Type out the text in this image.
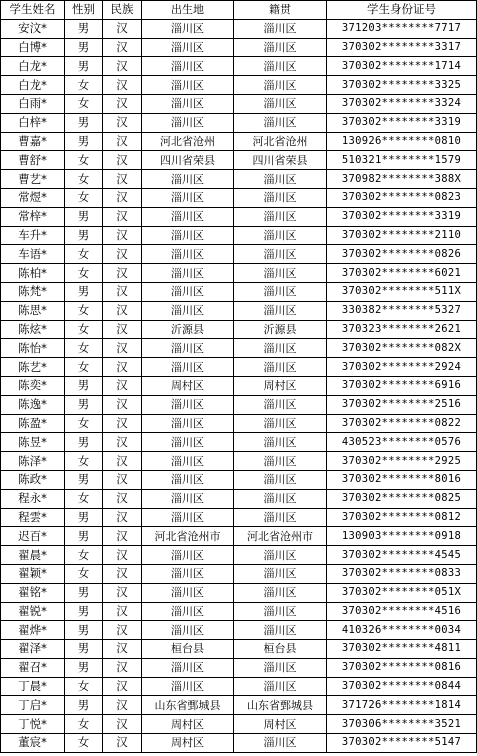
学生姓名	性别	民族	出生地	籍贯	学生身份证号
安汶*	男	汉	淄川区	淄川区	371203********7717
白博*	男	汉	淄川区	淄川区	370302********3317
白龙*	男	汉	淄川区	淄川区	370302********1714
白龙*	女	汉	淄川区	淄川区	370302********3325
白雨*	女	汉	淄川区	淄川区	370302********3324
白梓*	男	汉	淄川区	淄川区	370302********3319
曹嘉*	男	汉	河北省沧州	河北省沧州	130926********0810
曹舒*	女	汉	四川省荣县	四川省荣县	510321********1579
曹艺*	女	汉	淄川区	淄川区	370982********388X
常煜*	女	汉	淄川区	淄川区	370302********0823
常梓*	男	汉	淄川区	淄川区	370302********3319
车升*	男	汉	淄川区	淄川区	370302********2110
车语*	女	汉	淄川区	淄川区	370302********0826
陈柏*	女	汉	淄川区	淄川区	370302********6021
陈梵*	男	汉	淄川区	淄川区	370302********511X
陈思*	女	汉	淄川区	淄川区	330382********5327
陈炫*	女	汉	沂源县	沂源县	370323********2621
陈怡*	女	汉	淄川区	淄川区	370302********082X
陈艺*	女	汉	淄川区	淄川区	370302********2924
陈奕*	男	汉	周村区	周村区	370302********6916
陈逸*	男	汉	淄川区	淄川区	370302********2516
陈盈*	女	汉	淄川区	淄川区	370302********0822
陈昱*	男	汉	淄川区	淄川区	430523********0576
陈泽*	女	汉	淄川区	淄川区	370302********2925
陈政*	男	汉	淄川区	淄川区	370302********8016
程永*	女	汉	淄川区	淄川区	370302********0825
程雲*	男	汉	淄川区	淄川区	370302********0812
迟百*	男	汉	河北省沧州市	河北省沧州市	130903********0918
翟晨*	女	汉	淄川区	淄川区	370302********4545
翟颖*	女	汉	淄川区	淄川区	370302********0833
翟铭*	男	汉	淄川区	淄川区	370302********051X
翟锐*	男	汉	淄川区	淄川区	370302********4516
翟烨*	男	汉	淄川区	淄川区	410326********0034
翟泽*	男	汉	桓台县	桓台县	370302********4811
翟召*	男	汉	淄川区	淄川区	370302********0816
丁晨*	女	汉	淄川区	淄川区	370302********0844
丁启*	男	汉	山东省鄄城县	山东省鄄城县	371726********1814
丁悦*	女	汉	周村区	周村区	370306********3521
董宸*	女	汉	周村区	淄川区	370302********5147
